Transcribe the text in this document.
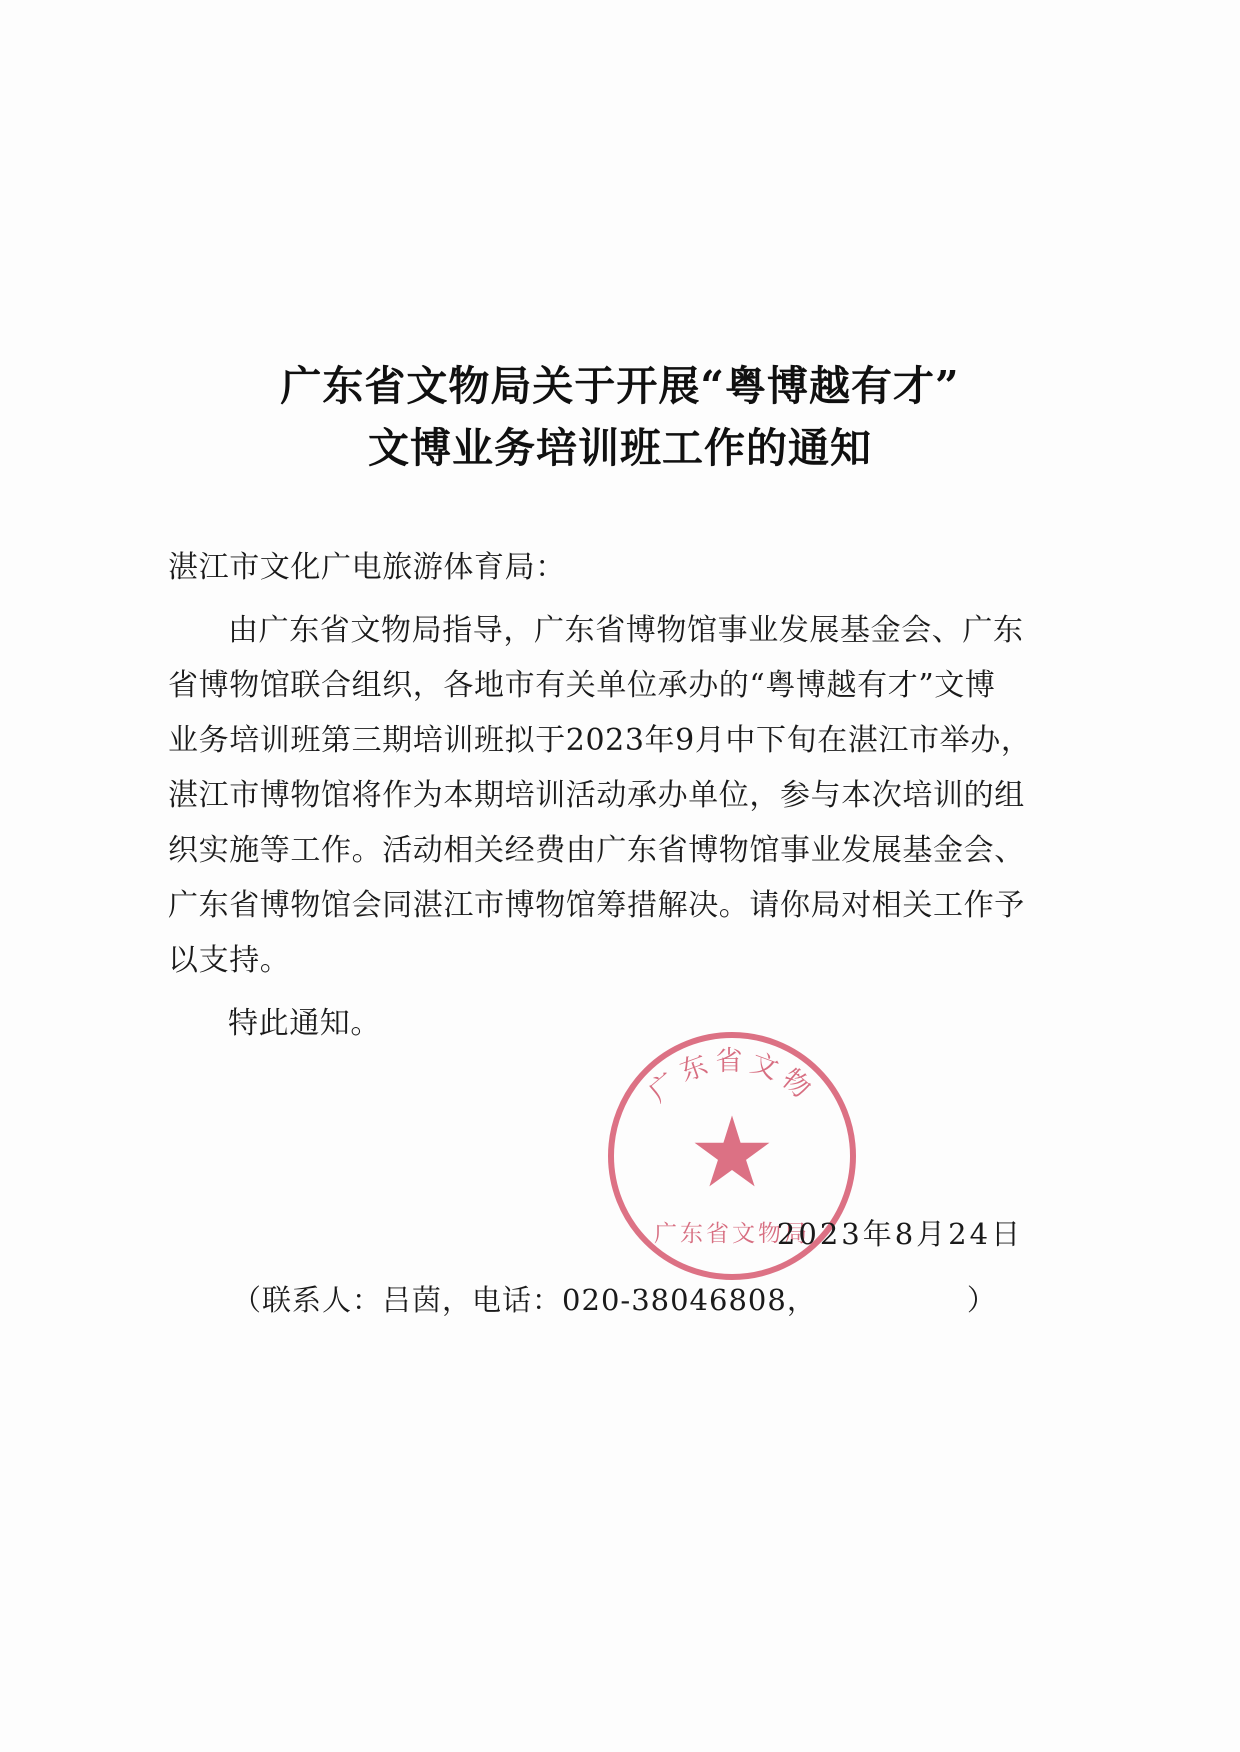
广东省文物局关于开展“粤博越有才”
文博业务培训班工作的通知
湛江市文化广电旅游体育局：
由广东省文物局指导，广东省博物馆事业发展基金会、广东
省博物馆联合组织，各地市有关单位承办的“粤博越有才”文博
业务培训班第三期培训班拟于2023年9月中下旬在湛江市举办，
湛江市博物馆将作为本期培训活动承办单位，参与本次培训的组
织实施等工作。活动相关经费由广东省博物馆事业发展基金会、
广东省博物馆会同湛江市博物馆筹措解决。请你局对相关工作予
以支持。
特此通知。
广东省文物
广东省文物局
2023年8月24日
（联系人：吕茵，电话：020-38046808，	）
